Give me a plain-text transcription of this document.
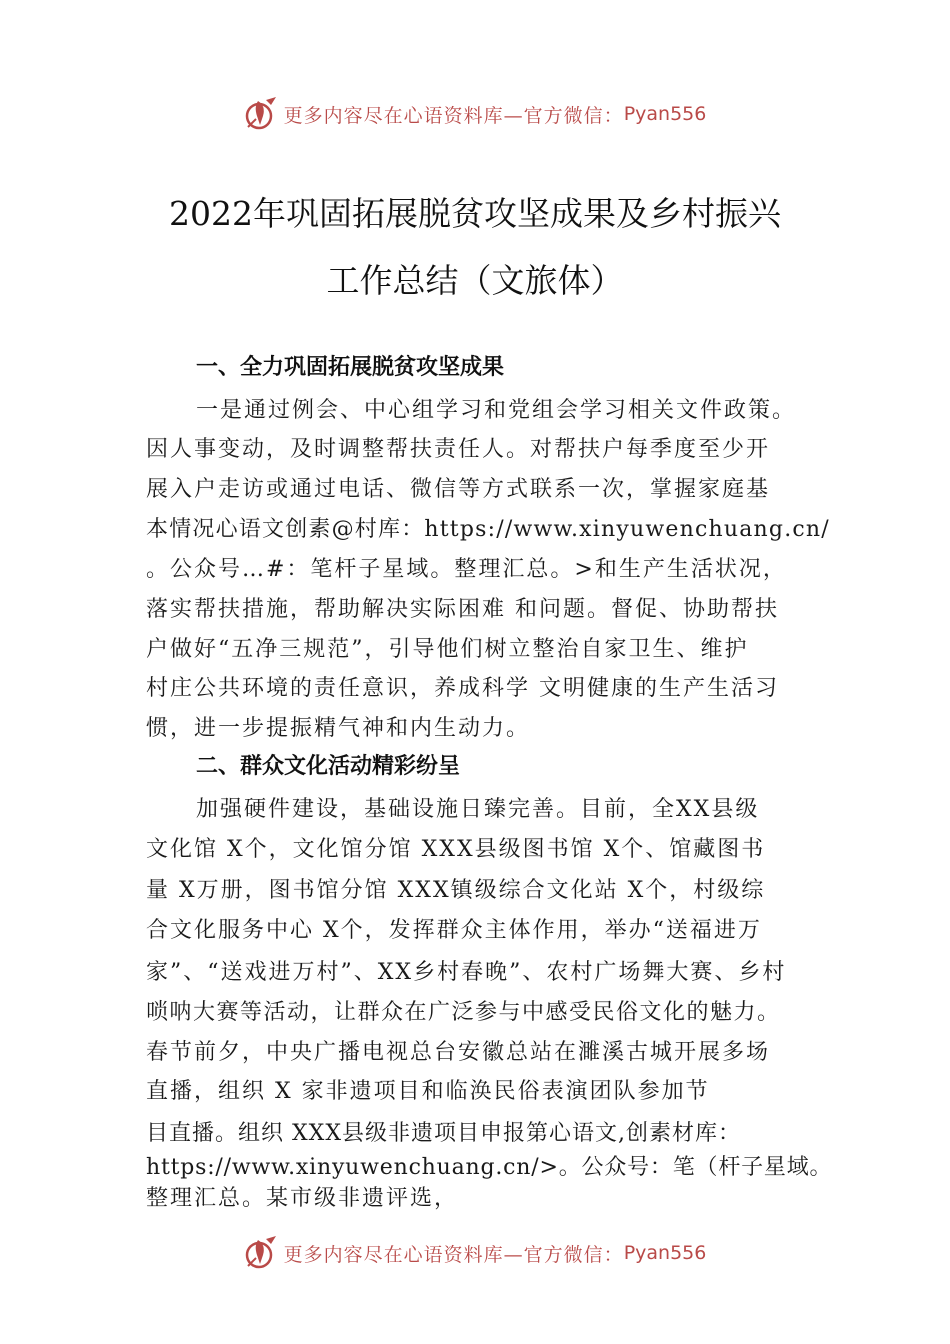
更多内容尽在心语资料库— 官方微信： Pyan556
2022年巩固拓展脱贫攻坚成果及乡村振兴
工作总结（文旅体）
一、全力巩固拓展脱贫攻坚成果
一是通过例会、中心组学习和党组会学习相关文件政策。
因人事变动，及时调整帮扶责任人。对帮扶户每季度至少开
展入户走访或通过电话、微信等方式联系一次，掌握家庭基
本情况心语文创素@村库：https://www.xinyuwenchuang.cn/
。公众号…#：笔杆子星域。整理汇总。>和生产生活状况，
落实帮扶措施，帮助解决实际困难 和问题。督促、协助帮扶
户做好“五净三规范”，引导他们树立整治自家卫生、维护
村庄公共环境的责任意识，养成科学 文明健康的生产生活习
惯，进一步提振精气神和内生动力。
二、群众文化活动精彩纷呈
加强硬件建设，基础设施日臻完善。目前，全XX县级
文化馆 X个，文化馆分馆 XXX县级图书馆 X个、馆藏图书
量 X万册，图书馆分馆 XXX镇级综合文化站 X个，村级综
合文化服务中心 X个，发挥群众主体作用，举办“送福进万
家”、“送戏进万村”、XX乡村春晚”、农村广场舞大赛、乡村
唢呐大赛等活动，让群众在广泛参与中感受民俗文化的魅力。
春节前夕，中央广播电视总台安徽总站在濉溪古城开展多场
直播，组织 X 家非遗项目和临涣民俗表演团队参加节
目直播。组织 XXX县级非遗项目申报第心语文,创素材库：
https://www.xinyuwenchuang.cn/>。公众号：笔（杆子星域。
整理汇总。某市级非遗评选，
更多内容尽在心语资料库— 官方微信： Pyan556
